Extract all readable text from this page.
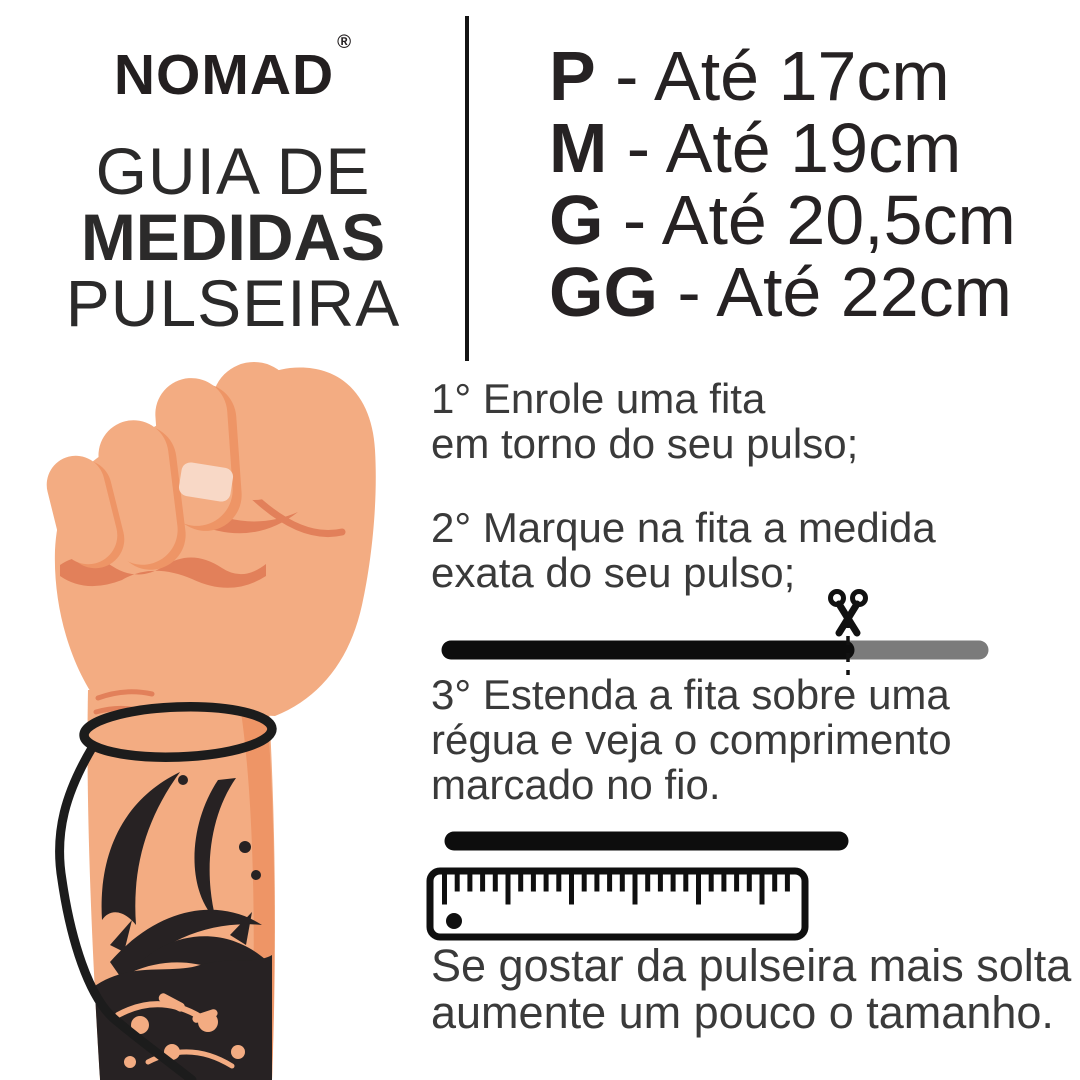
NOMAD®
GUIA DE
MEDIDAS
PULSEIRA
P - Até 17cm
M - Até 19cm
G - Até 20,5cm
GG - Até 22cm
1° Enrole uma fita
em torno do seu pulso;
2° Marque na fita a medida
exata do seu pulso;
3° Estenda a fita sobre uma
régua e veja o comprimento
marcado no fio.
Se gostar da pulseira mais solta
aumente um pouco o tamanho.
